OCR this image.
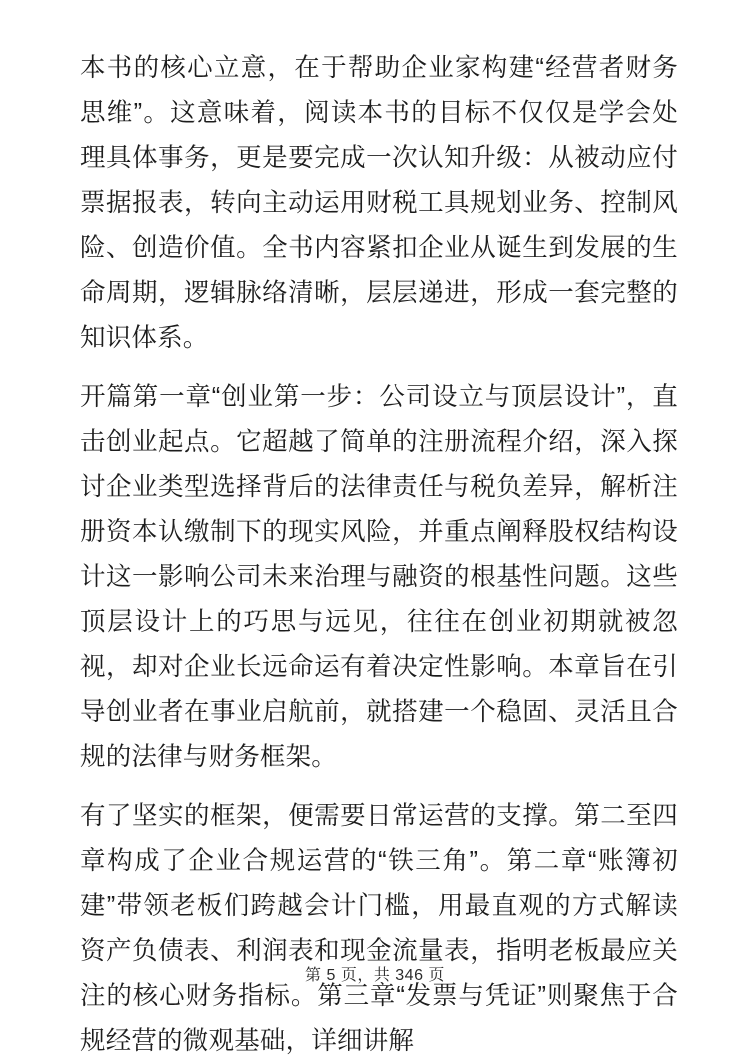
本书的核心立意，在于帮助企业家构建“经营者财务思维”。这意味着，阅读本书的目标不仅仅是学会处理具体事务，更是要完成一次认知升级：从被动应付票据报表，转向主动运用财税工具规划业务、控制风险、创造价值。全书内容紧扣企业从诞生到发展的生命周期，逻辑脉络清晰，层层递进，形成一套完整的知识体系。

开篇第一章“创业第一步：公司设立与顶层设计”，直击创业起点。它超越了简单的注册流程介绍，深入探讨企业类型选择背后的法律责任与税负差异，解析注册资本认缴制下的现实风险，并重点阐释股权结构设计这一影响公司未来治理与融资的根基性问题。这些顶层设计上的巧思与远见，往往在创业初期就被忽视，却对企业长远命运有着决定性影响。本章旨在引导创业者在事业启航前，就搭建一个稳固、灵活且合规的法律与财务框架。

有了坚实的框架，便需要日常运营的支撑。第二至四章构成了企业合规运营的“铁三角”。第二章“账簿初建”带领老板们跨越会计门槛，用最直观的方式解读资产负债表、利润表和现金流量表，指明老板最应关注的核心财务指标。第三章“发票与凭证”则聚焦于合规经营的微观基础，详细讲解

第 5 页，共 346 页
